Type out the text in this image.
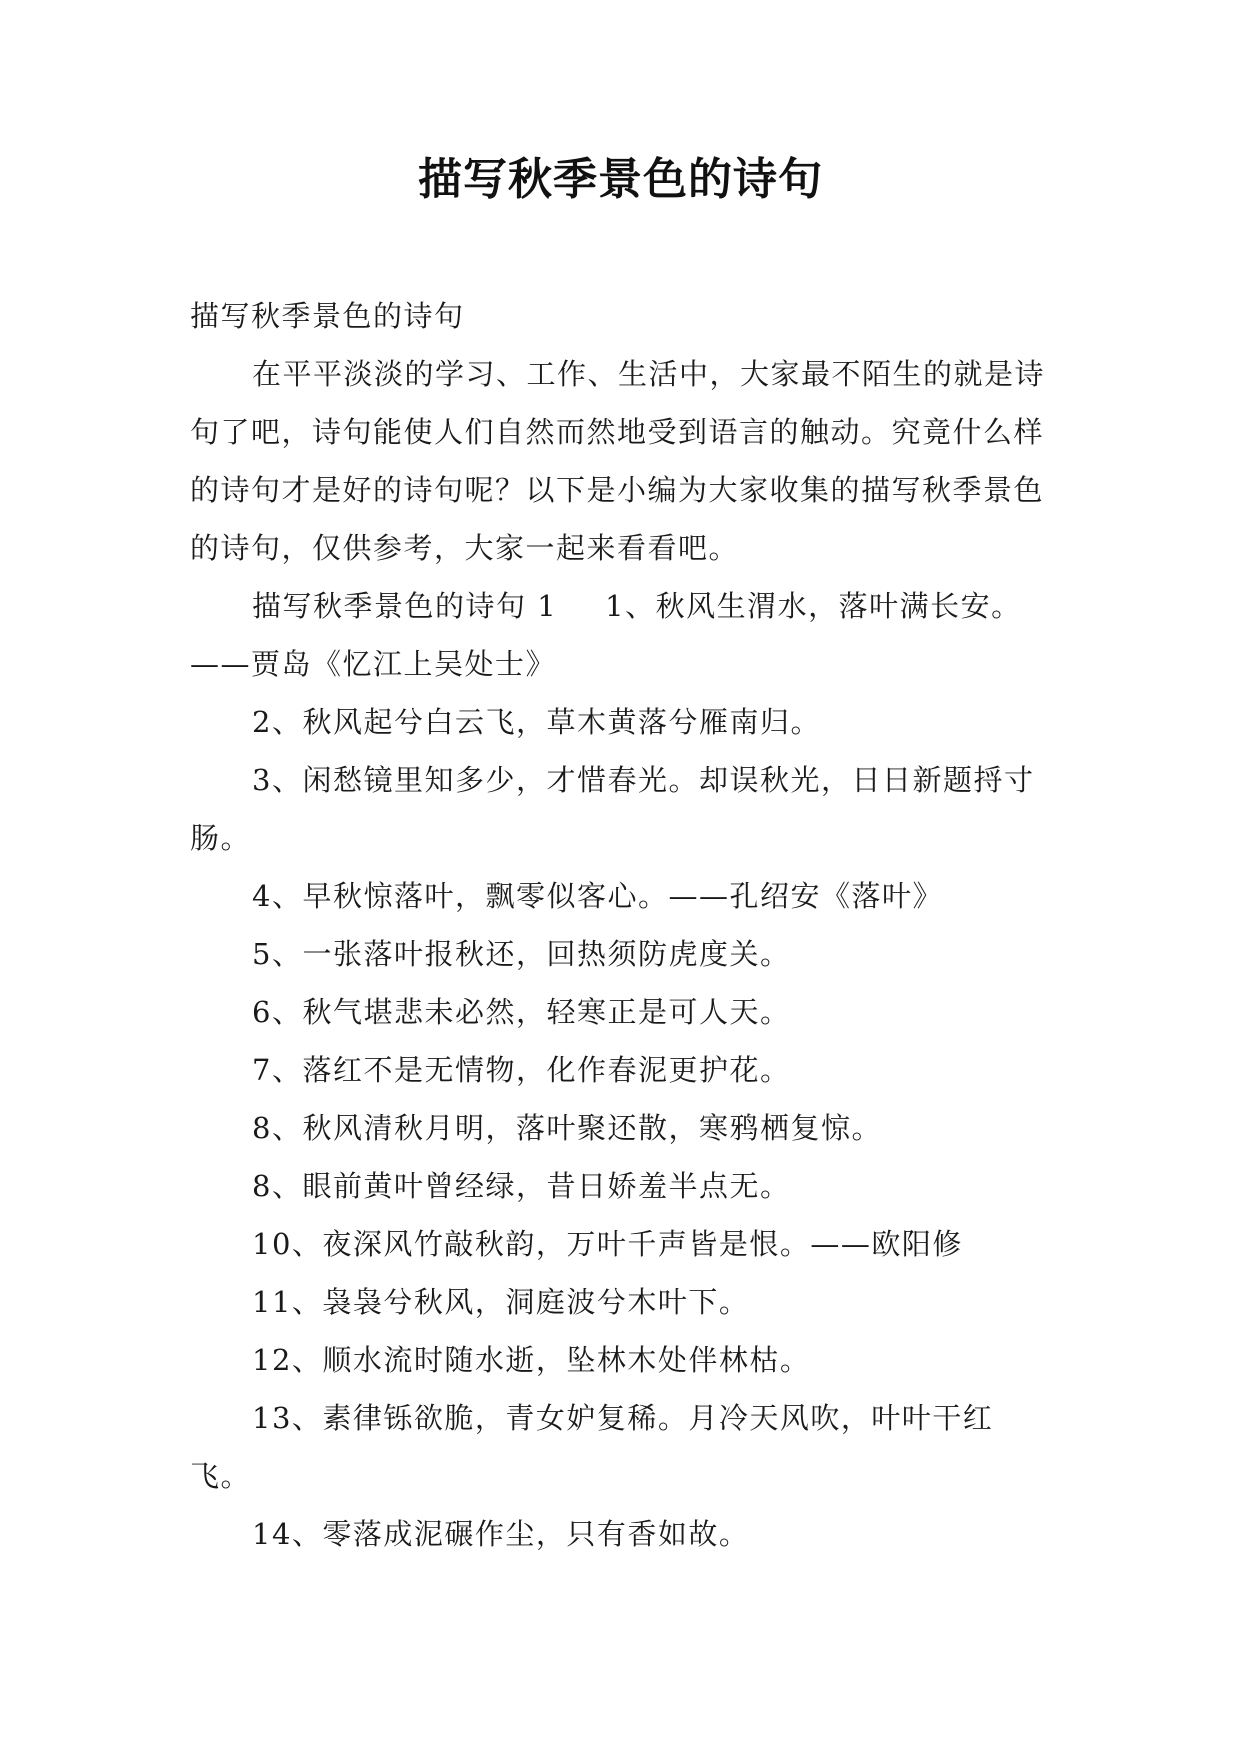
描写秋季景色的诗句

描写秋季景色的诗句

在平平淡淡的学习、工作、生活中，大家最不陌生的就是诗句了吧，诗句能使人们自然而然地受到语言的触动。究竟什么样的诗句才是好的诗句呢？以下是小编为大家收集的描写秋季景色的诗句，仅供参考，大家一起来看看吧。

描写秋季景色的诗句 1 1、秋风生渭水，落叶满长安。——贾岛《忆江上吴处士》

2、秋风起兮白云飞，草木黄落兮雁南归。

3、闲愁镜里知多少，才惜春光。却误秋光，日日新题捋寸肠。

4、早秋惊落叶，飘零似客心。——孔绍安《落叶》

5、一张落叶报秋还，回热须防虎度关。

6、秋气堪悲未必然，轻寒正是可人天。

7、落红不是无情物，化作春泥更护花。

8、秋风清秋月明，落叶聚还散，寒鸦栖复惊。

8、眼前黄叶曾经绿，昔日娇羞半点无。

10、夜深风竹敲秋韵，万叶千声皆是恨。——欧阳修

11、袅袅兮秋风，洞庭波兮木叶下。

12、顺水流时随水逝，坠林木处伴林枯。

13、素律铄欲脆，青女妒复稀。月冷天风吹，叶叶干红飞。

14、零落成泥碾作尘，只有香如故。
